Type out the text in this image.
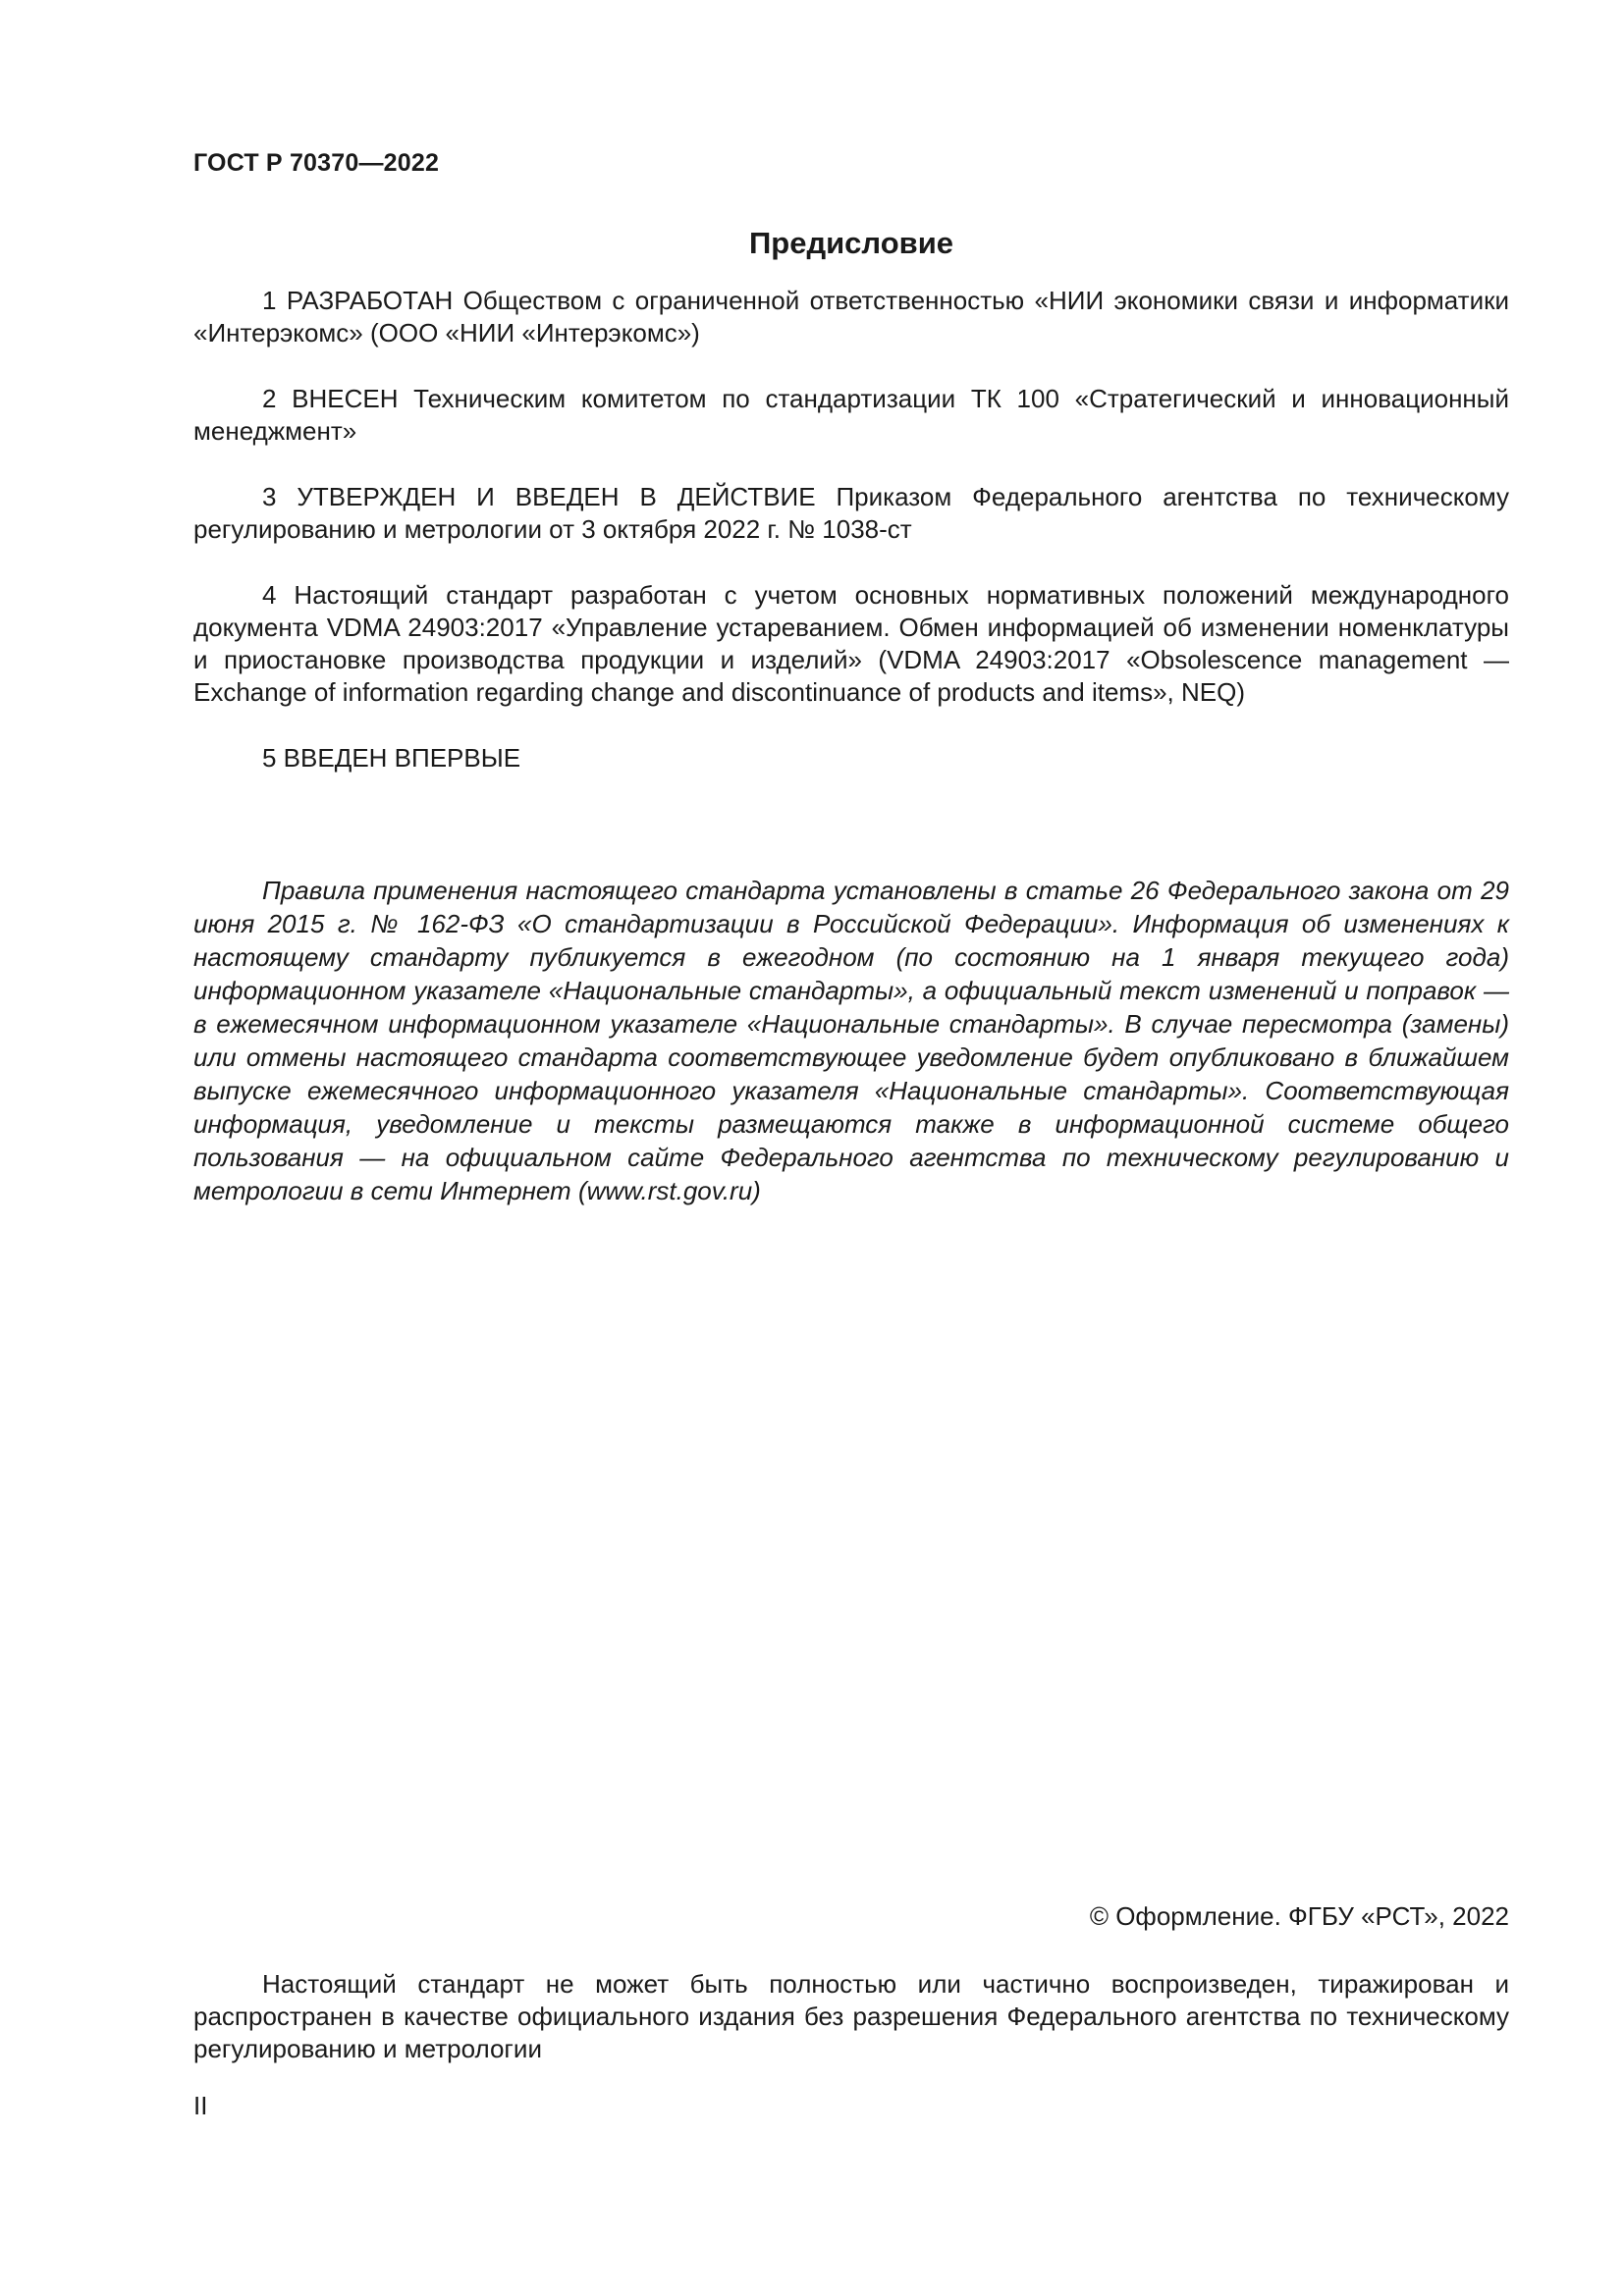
ГОСТ Р 70370—2022
Предисловие
1 РАЗРАБОТАН Обществом с ограниченной ответственностью «НИИ экономики связи и информатики «Интерэкомс» (ООО «НИИ «Интерэкомс»)
2 ВНЕСЕН Техническим комитетом по стандартизации ТК 100 «Стратегический и инновационный менеджмент»
3 УТВЕРЖДЕН И ВВЕДЕН В ДЕЙСТВИЕ Приказом Федерального агентства по техническому регулированию и метрологии от 3 октября 2022 г. № 1038-ст
4 Настоящий стандарт разработан с учетом основных нормативных положений международного документа VDMA 24903:2017 «Управление устареванием. Обмен информацией об изменении номенклатуры и приостановке производства продукции и изделий» (VDMA 24903:2017 «Obsolescence management — Exchange of information regarding change and discontinuance of products and items», NEQ)
5 ВВЕДЕН ВПЕРВЫЕ
Правила применения настоящего стандарта установлены в статье 26 Федерального закона от 29 июня 2015 г. № 162-ФЗ «О стандартизации в Российской Федерации». Информация об изменениях к настоящему стандарту публикуется в ежегодном (по состоянию на 1 января текущего года) информационном указателе «Национальные стандарты», а официальный текст изменений и поправок — в ежемесячном информационном указателе «Национальные стандарты». В случае пересмотра (замены) или отмены настоящего стандарта соответствующее уведомление будет опубликовано в ближайшем выпуске ежемесячного информационного указателя «Национальные стандарты». Соответствующая информация, уведомление и тексты размещаются также в информационной системе общего пользования — на официальном сайте Федерального агентства по техническому регулированию и метрологии в сети Интернет (www.rst.gov.ru)
© Оформление. ФГБУ «РСТ», 2022
Настоящий стандарт не может быть полностью или частично воспроизведен, тиражирован и распространен в качестве официального издания без разрешения Федерального агентства по техническому регулированию и метрологии
II
